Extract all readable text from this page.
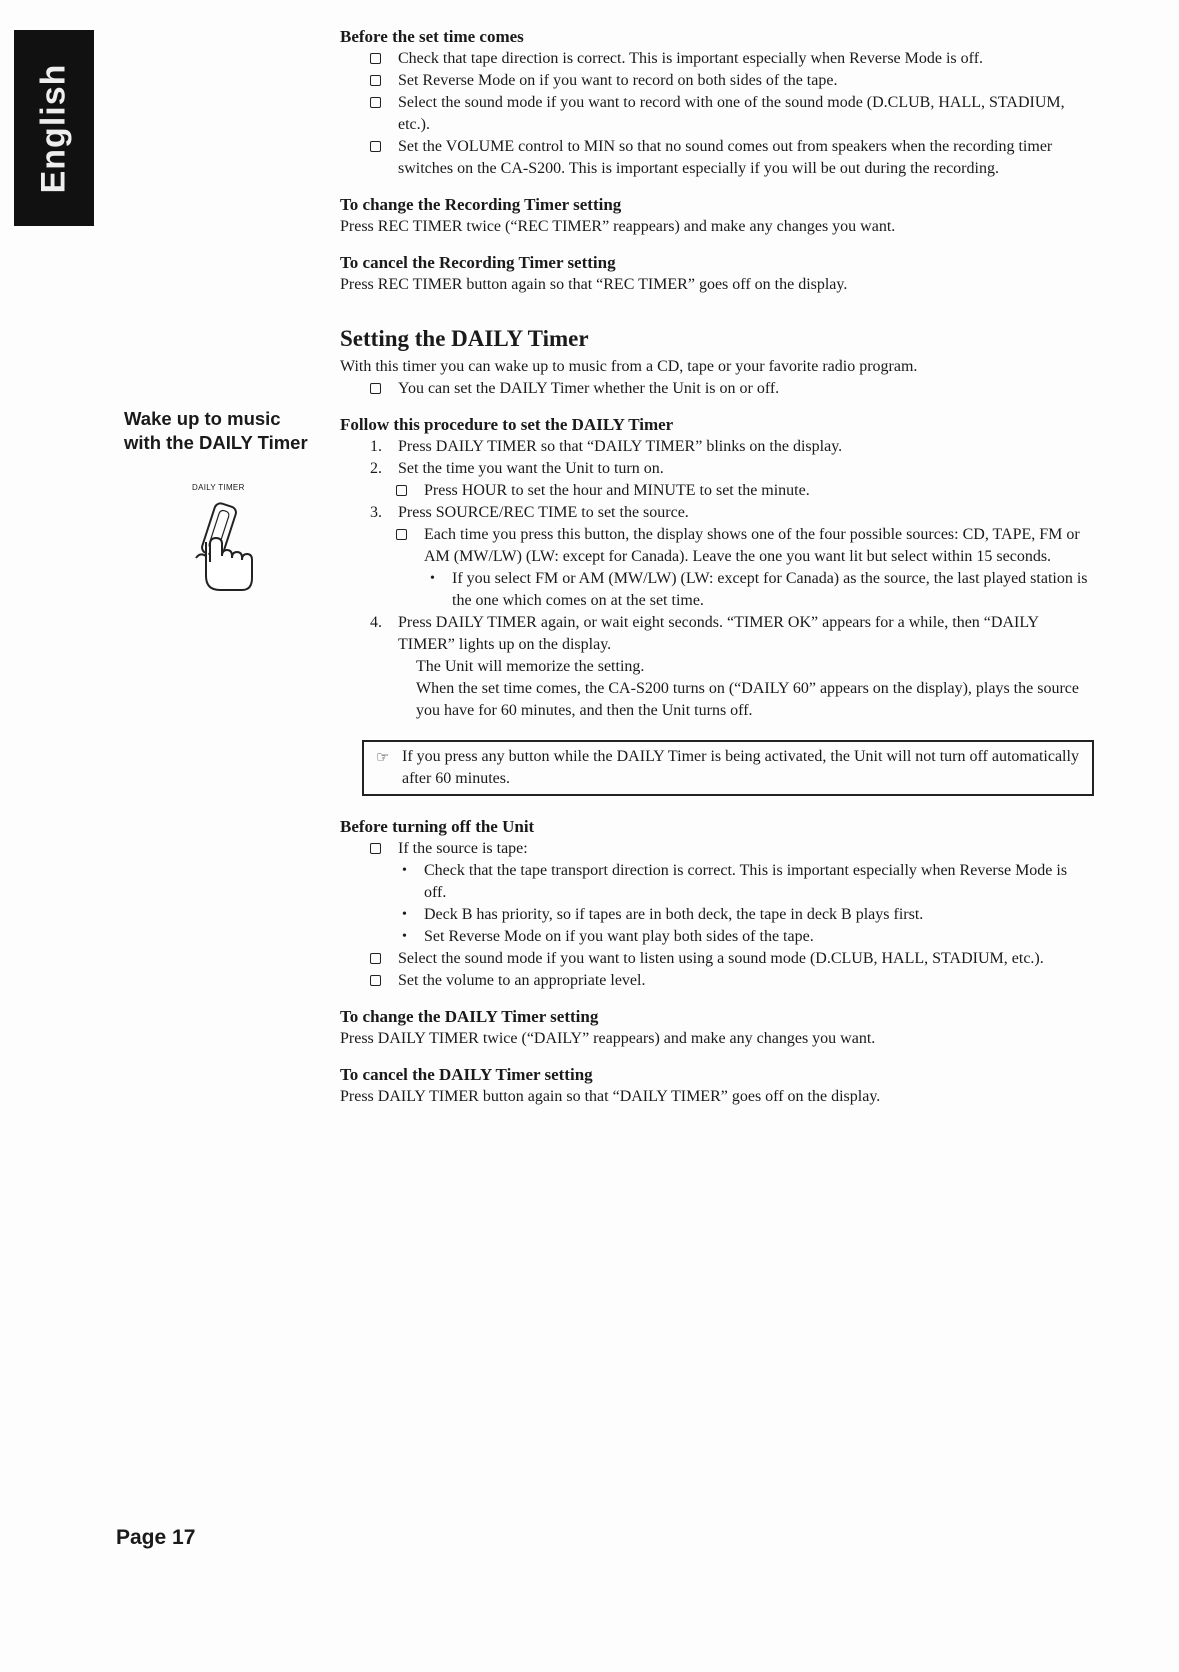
English
Wake up to music
with the DAILY Timer
DAILY TIMER
Before the set time comes
Check that tape direction is correct. This is important especially when Reverse Mode is off.
Set Reverse Mode on if you want to record on both sides of the tape.
Select the sound mode if you want to record with one of the sound mode (D.CLUB, HALL, STADIUM, etc.).
Set the VOLUME control to MIN so that no sound comes out from speakers when the recording timer switches on the CA-S200. This is important especially if you will be out during the recording.
To change the Recording Timer setting
Press REC TIMER twice (“REC TIMER” reappears) and make any changes you want.
To cancel the Recording Timer setting
Press REC TIMER button again so that “REC TIMER” goes off on the display.
Setting the DAILY Timer
With this timer you can wake up to music from a CD, tape or your favorite radio program.
You can set the DAILY Timer whether the Unit is on or off.
Follow this procedure to set the DAILY Timer
1. Press DAILY TIMER so that “DAILY TIMER” blinks on the display.
2. Set the time you want the Unit to turn on.
Press HOUR to set the hour and MINUTE to set the minute.
3. Press SOURCE/REC TIME to set the source.
Each time you press this button, the display shows one of the four possible sources: CD, TAPE, FM or AM (MW/LW) (LW: except for Canada). Leave the one you want lit but select within 15 seconds.
• If you select FM or AM (MW/LW) (LW: except for Canada) as the source, the last played station is the one which comes on at the set time.
4. Press DAILY TIMER again, or wait eight seconds. “TIMER OK” appears for a while, then “DAILY TIMER” lights up on the display.
The Unit will memorize the setting.
When the set time comes, the CA-S200 turns on (“DAILY 60” appears on the display), plays the source you have for 60 minutes, and then the Unit turns off.
☞ If you press any button while the DAILY Timer is being activated, the Unit will not turn off automatically after 60 minutes.
Before turning off the Unit
If the source is tape:
• Check that the tape transport direction is correct. This is important especially when Reverse Mode is off.
• Deck B has priority, so if tapes are in both deck, the tape in deck B plays first.
• Set Reverse Mode on if you want play both sides of the tape.
Select the sound mode if you want to listen using a sound mode (D.CLUB, HALL, STADIUM, etc.).
Set the volume to an appropriate level.
To change the DAILY Timer setting
Press DAILY TIMER twice (“DAILY” reappears) and make any changes you want.
To cancel the DAILY Timer setting
Press DAILY TIMER button again so that “DAILY TIMER” goes off on the display.
Page 17
